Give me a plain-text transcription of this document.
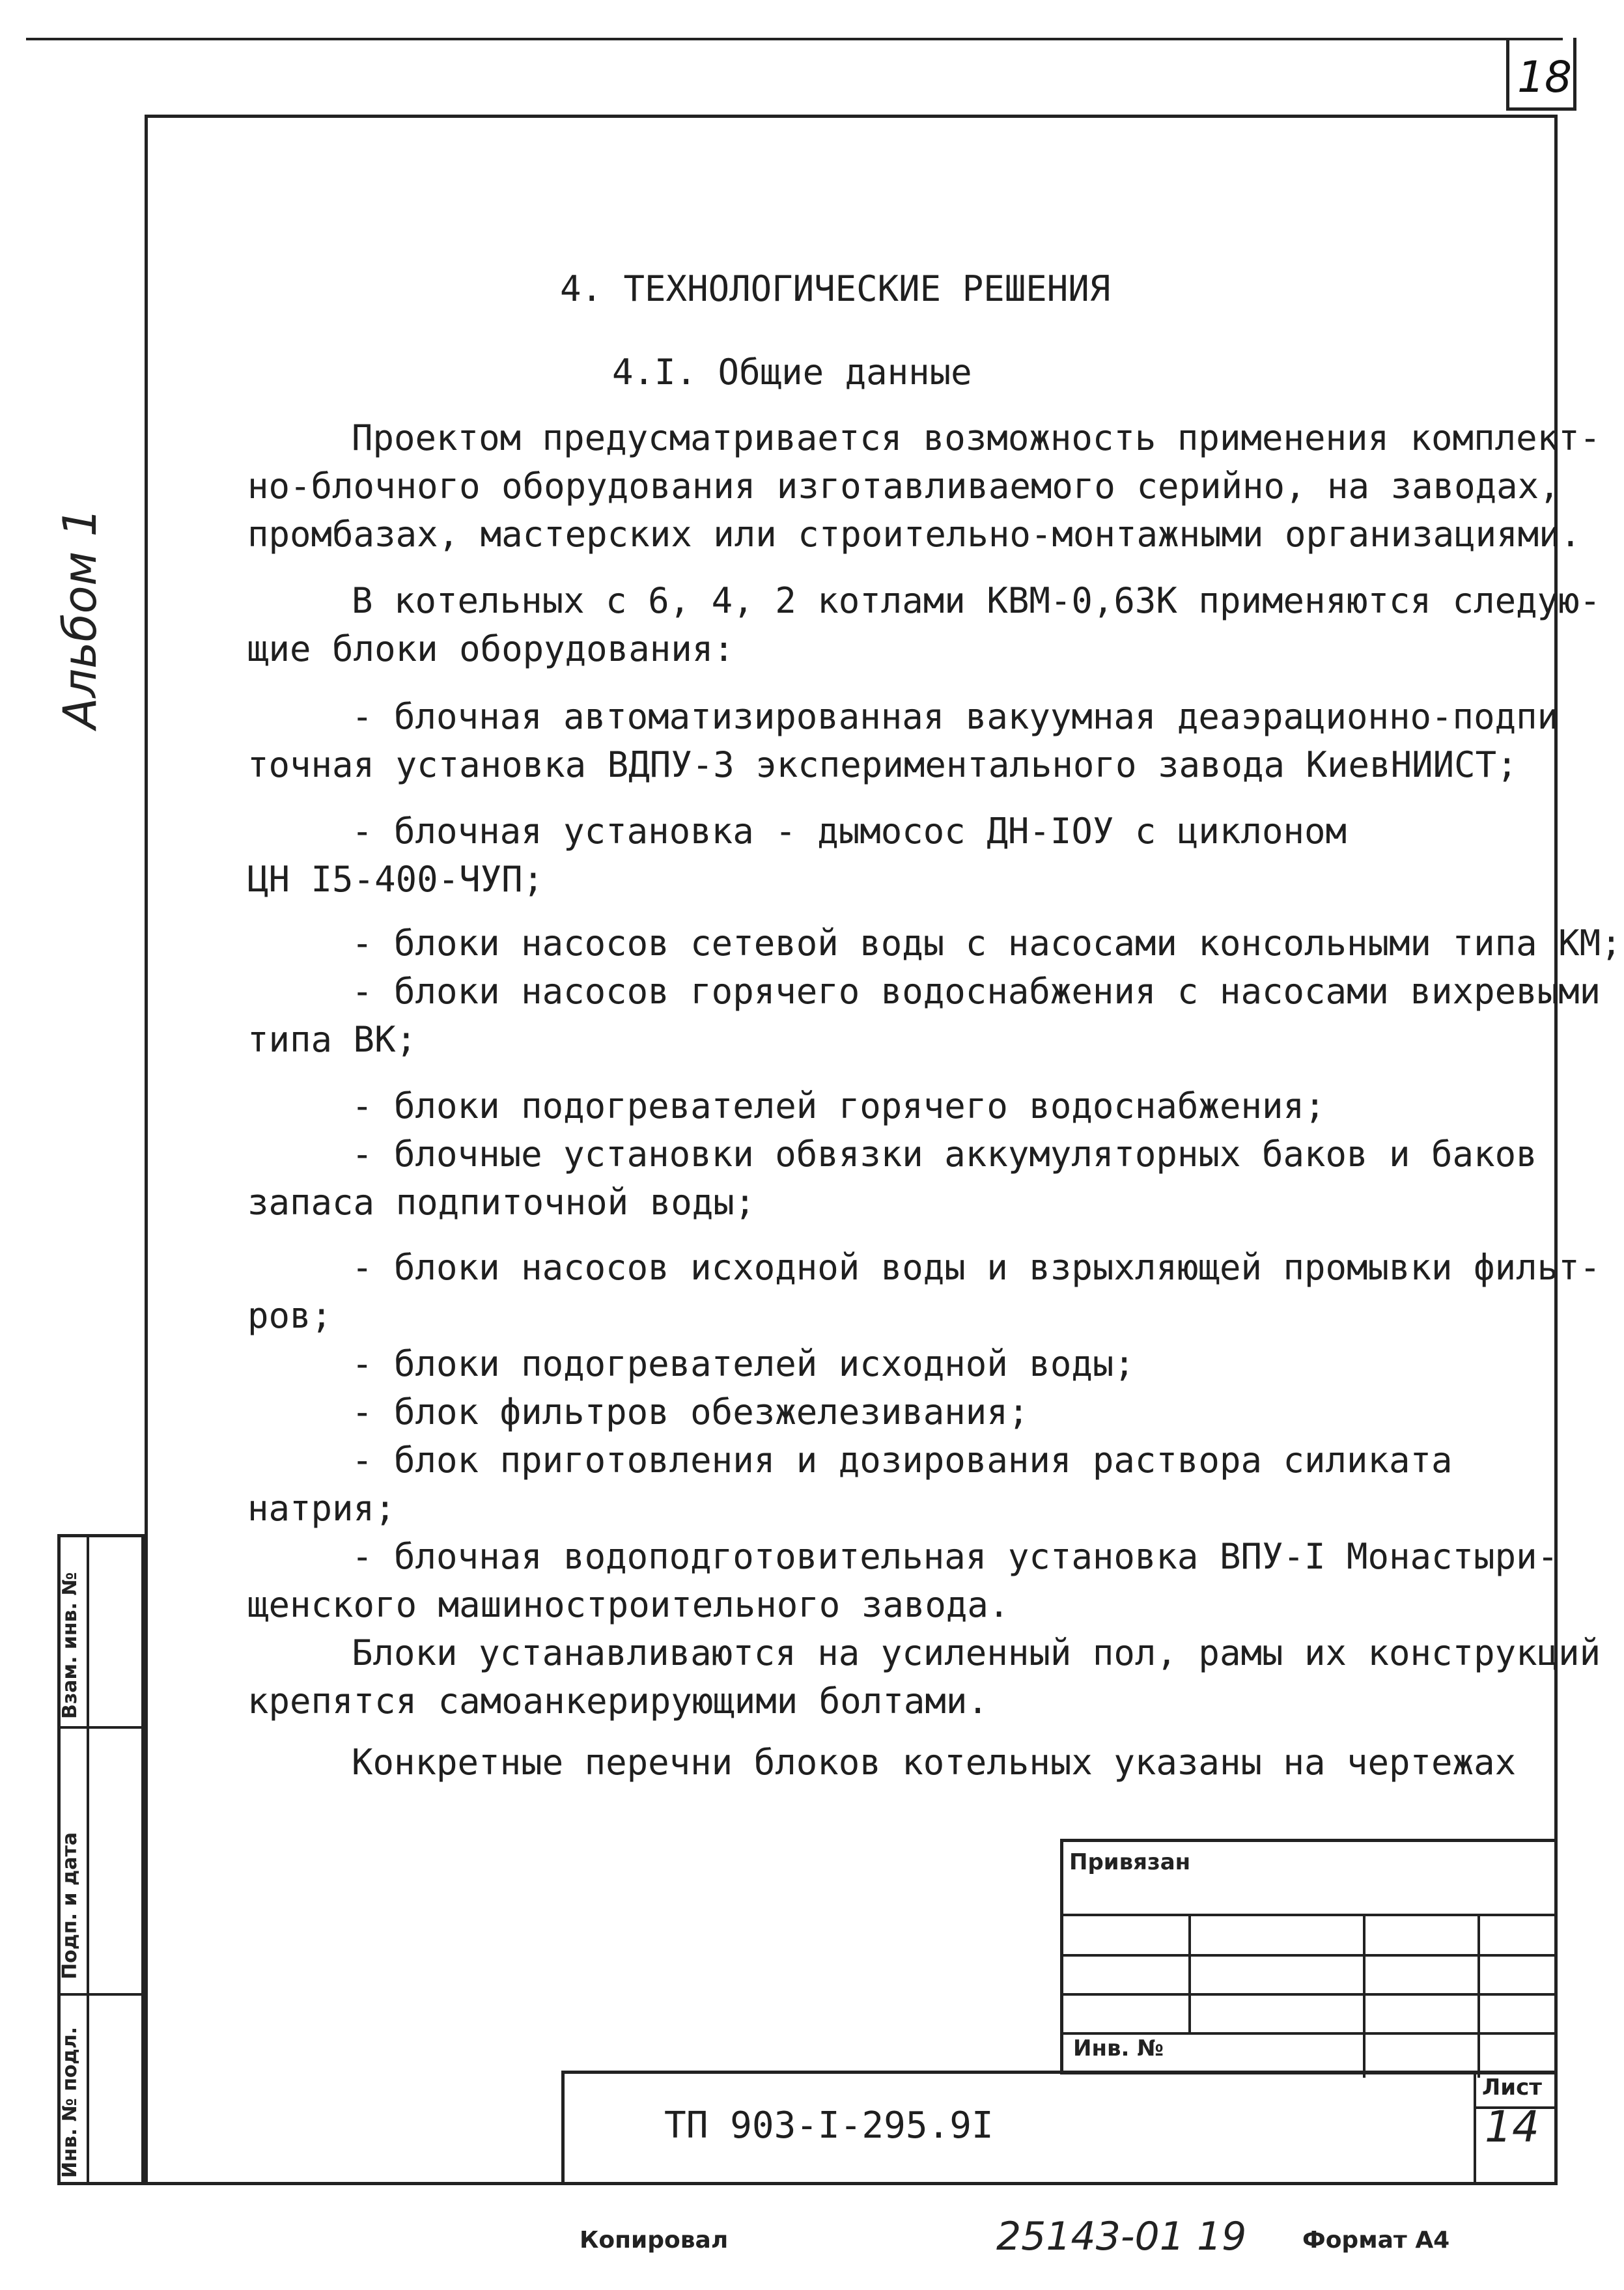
18
Альбом 1
4. ТЕХНОЛОГИЧЕСКИЕ РЕШЕНИЯ
4.I. Общие данные
Проектом предусматривается возможность применения комплект-
но-блочного оборудования изготавливаемого серийно, на заводах,
промбазах, мастерских или строительно-монтажными организациями.
В котельных с 6, 4, 2 котлами КВМ-0,63К применяются следую-
щие блоки оборудования:
- блочная автоматизированная вакуумная деаэрационно-подпи
точная установка ВДПУ-3 экспериментального завода КиевНИИСТ;
- блочная установка - дымосос ДН-IОУ с циклоном
ЦН I5-400-ЧУП;
- блоки насосов сетевой воды с насосами консольными типа КМ;
- блоки насосов горячего водоснабжения с насосами вихревыми
типа ВК;
- блоки подогревателей горячего водоснабжения;
- блочные установки обвязки аккумуляторных баков и баков
запаса подпиточной воды;
- блоки насосов исходной воды и взрыхляющей промывки фильт-
ров;
- блоки подогревателей исходной воды;
- блок фильтров обезжелезивания;
- блок приготовления и дозирования раствора силиката
натрия;
- блочная водоподготовительная установка ВПУ-I Монастыри-
щенского машиностроительного завода.
Блоки устанавливаются на усиленный пол, рамы их конструкций
крепятся самоанкерирующими болтами.
Конкретные перечни блоков котельных указаны на чертежах
Взам. инв. №
Подп. и дата
Инв. № подл.
Привязан
Инв. №
ТП 903-I-295.9I
Лист
14
Копировал	25143-01 19 Формат А4
